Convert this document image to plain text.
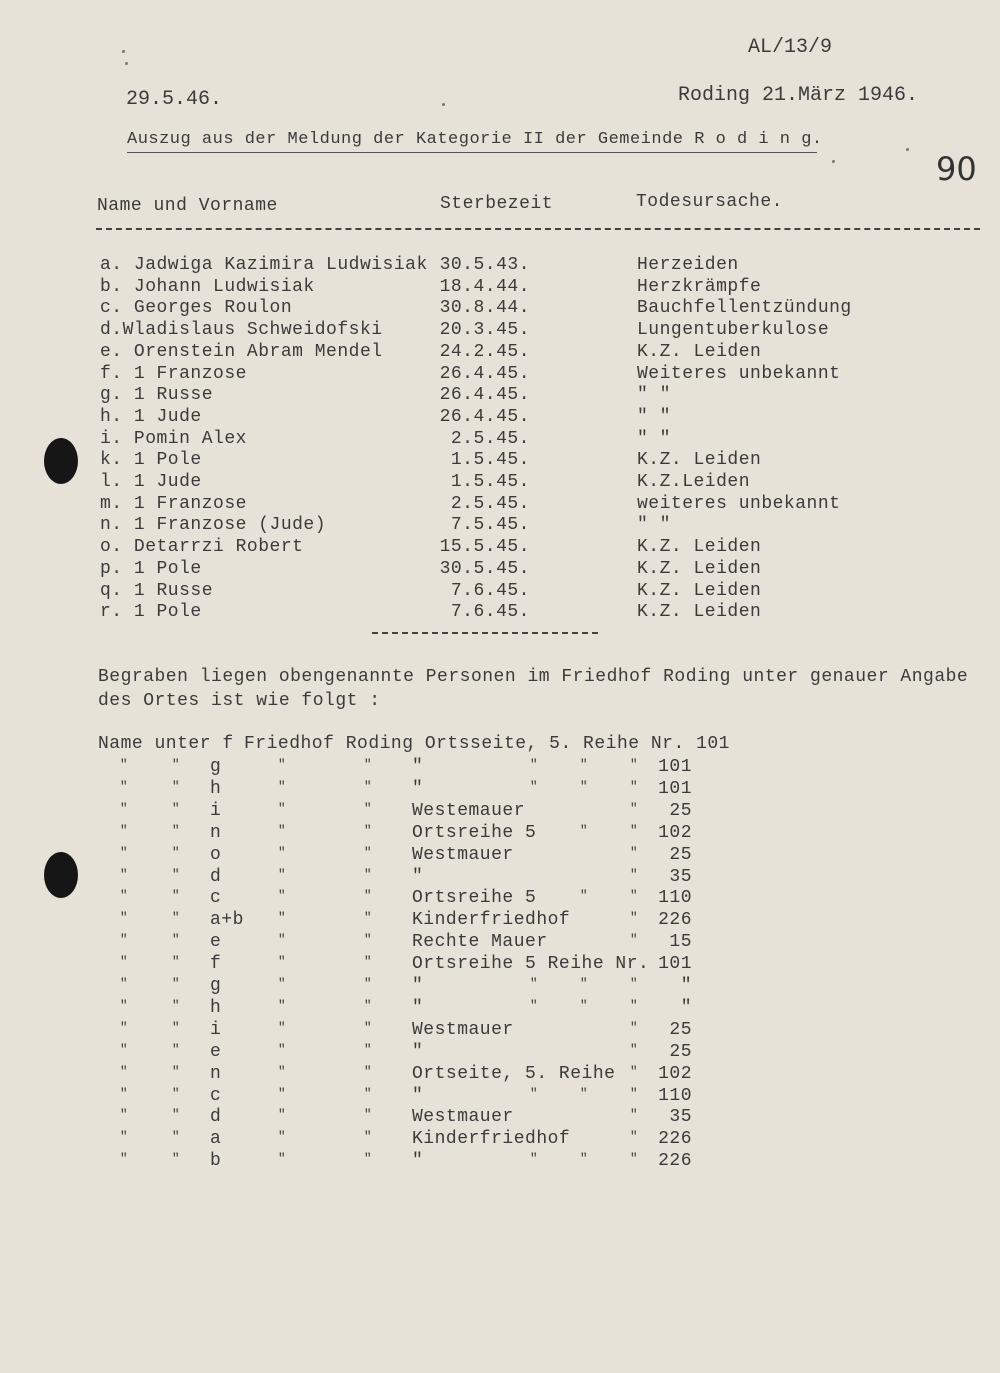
AL/13/9
29.5.46.	Roding 21.März 1946.
Auszug aus der Meldung der Kategorie II der Gemeinde R o d i n g.
90
Name und Vorname	Sterbezeit	Todesursache.
a. Jadwiga Kazimira Ludwisiak 30.5.43.	Herzeiden
b. Johann Ludwisiak	18.4.44.	Herzkrämpfe
c. Georges Roulon	30.8.44.	Bauchfellentzündung
d.Wladislaus Schweidofski	20.3.45.	Lungentuberkulose
e. Orenstein Abram Mendel	24.2.45.	K.Z. Leiden
f. 1 Franzose	26.4.45.	Weiteres unbekannt
g. 1 Russe	26.4.45.	" "
h. 1 Jude	26.4.45.	" "
i. Pomin Alex	2.5.45.	" "
k. 1 Pole	1.5.45.	K.Z. Leiden
l. 1 Jude	1.5.45.	K.Z.Leiden
m. 1 Franzose	2.5.45.	weiteres unbekannt
n. 1 Franzose (Jude)	7.5.45.	" "
o. Detarrzi Robert	15.5.45.	K.Z. Leiden
p. 1 Pole	30.5.45.	K.Z. Leiden
q. 1 Russe	7.6.45.	K.Z. Leiden
r. 1 Pole	7.6.45.	K.Z. Leiden
Begraben liegen obengenannte Personen im Friedhof Roding unter genauer Angabe
des Ortes ist wie folgt :
Name unter f Friedhof Roding Ortsseite, 5. Reihe Nr. 101
"	" g	"	" "	"	"	"	101
"	" h	"	" "	"	"	"	101
"	" i	"	" Westemauer	"	25
"	" n	"	" Ortsreihe 5	"	"	102
"	" o	"	" Westmauer	"	25
"	" d	"	" "	"	35
"	" c	"	" Ortsreihe 5	"	"	110
"	" a+b	"	" Kinderfriedhof	"	226
"	" e	"	" Rechte Mauer	"	15
"	" f	"	" Ortsreihe 5 Reihe Nr. 101
"	" g	"	" "	"	"	"	"
"	" h	"	" "	"	"	"	"
"	" i	"	" Westmauer	"	25
"	" e	"	" "	"	25
"	" n	"	" Ortseite, 5. Reihe "	102
"	" c	"	" "	"	"	"	110
"	" d	"	" Westmauer	"	35
"	" a	"	" Kinderfriedhof	"	226
"	" b	"	" "	"	"	"	226
